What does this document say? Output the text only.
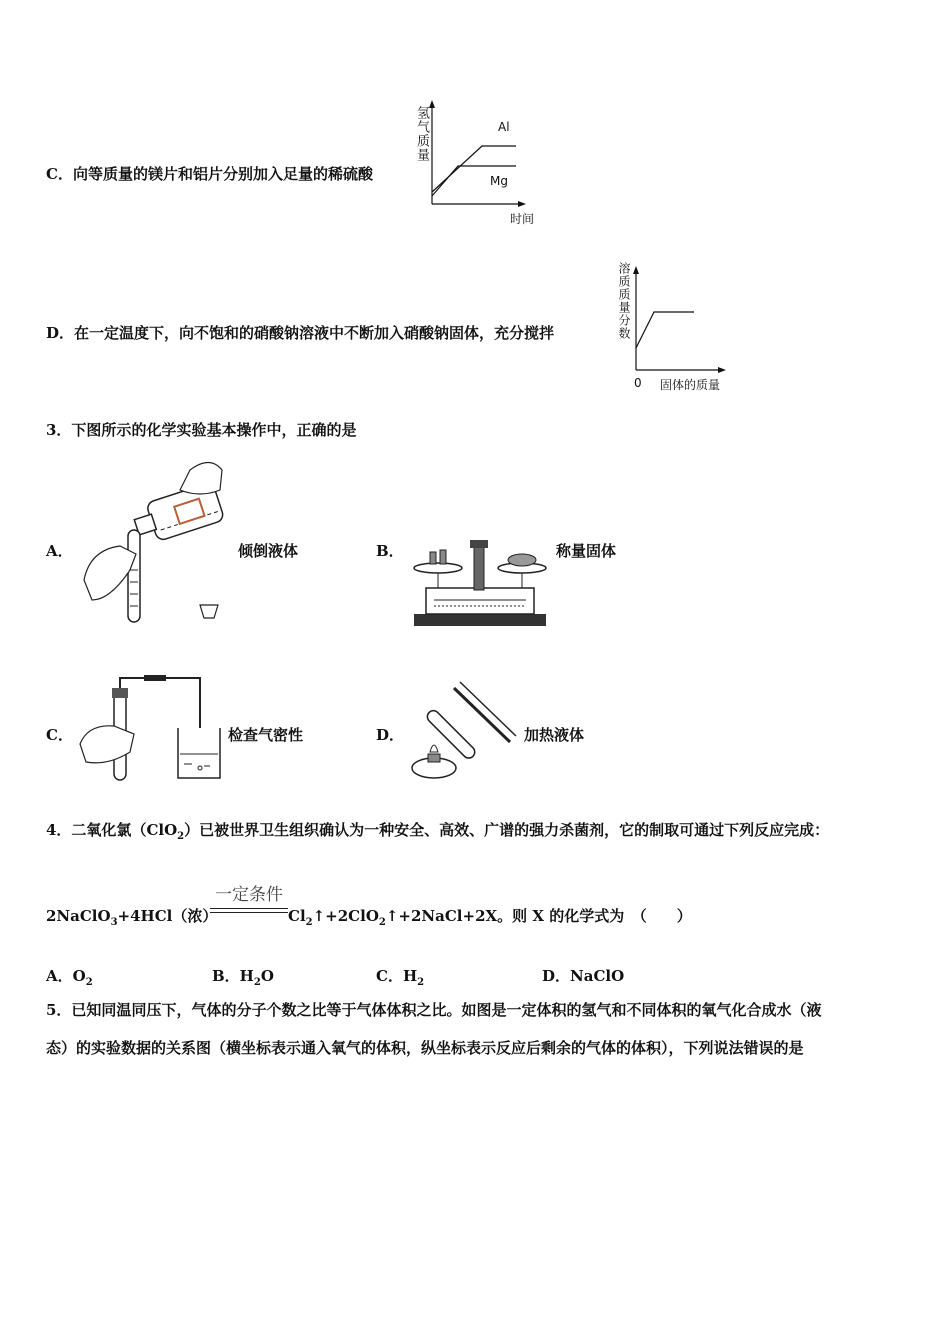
C．向等质量的镁片和铝片分别加入足量的稀硫酸
氢气质量	Al
Mg
时间
D．在一定温度下，向不饱和的硝酸钠溶液中不断加入硝酸钠固体，充分搅拌	溶质质量分数
0 固体的质量
3．下图所示的化学实验基本操作中，正确的是
A．	倾倒液体	B．	称量固体
C．	检查气密性	D．	加热液体
4．二氧化氯（ClO$_2$）已被世界卫生组织确认为一种安全、高效、广谱的强力杀菌剂，它的制取可通过下列反应完成：
一定条件
2NaClO$_3$+4HCl（浓）	$Cl_2↑+2ClO_2↑+2NaCl+2X$。则 X 的化学式为　（　　）
A．$O_2$	B．$H_2O$	C．$H_2$	D．NaClO
5．已知同温同压下，气体的分子个数之比等于气体体积之比。如图是一定体积的氢气和不同体积的氧气化合成水（液
态）的实验数据的关系图（横坐标表示通入氧气的体积，纵坐标表示反应后剩余的气体的体积），下列说法错误的是
